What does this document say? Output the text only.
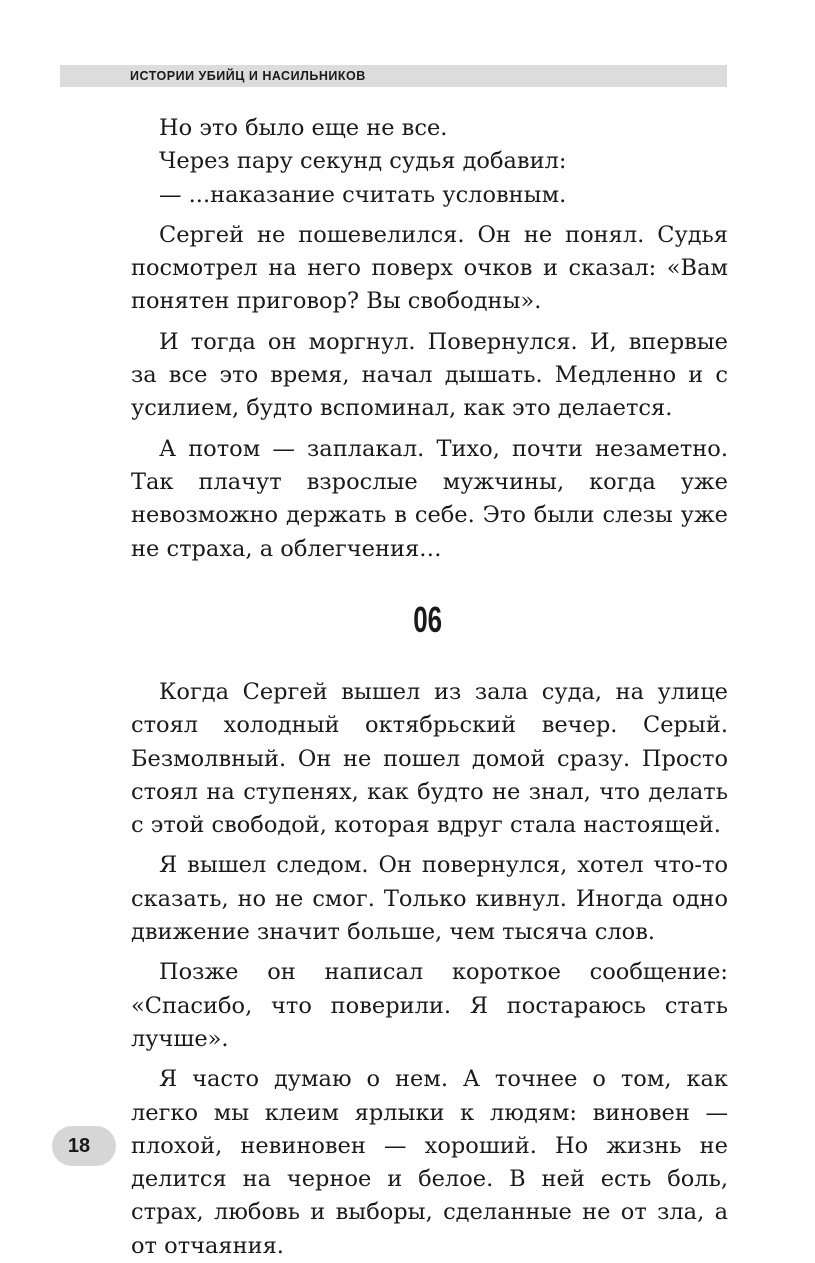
ИСТОРИИ УБИЙЦ И НАСИЛЬНИКОВ

Но это было еще не все.

Через пару секунд судья добавил:

— ...наказание считать условным.

Сергей не пошевелился. Он не понял. Судья посмотрел на него поверх очков и сказал: «Вам понятен приговор? Вы свободны».

И тогда он моргнул. Повернулся. И, впервые за все это время, начал дышать. Медленно и с усилием, будто вспоминал, как это делается.

А потом — заплакал. Тихо, почти незаметно. Так плачут взрослые мужчины, когда уже невозможно держать в себе. Это были слезы уже не страха, а облегчения…

06

Когда Сергей вышел из зала суда, на улице стоял холодный октябрьский вечер. Серый. Безмолвный. Он не пошел домой сразу. Просто стоял на ступенях, как будто не знал, что делать с этой свободой, которая вдруг стала настоящей.

Я вышел следом. Он повернулся, хотел что-то сказать, но не смог. Только кивнул. Иногда одно движение значит больше, чем тысяча слов.

Позже он написал короткое сообщение: «Спасибо, что поверили. Я постараюсь стать лучше».

Я часто думаю о нем. А точнее о том, как легко мы клеим ярлыки к людям: виновен — плохой, невиновен — хороший. Но жизнь не делится на черное и белое. В ней есть боль, страх, любовь и выборы, сделанные не от зла, а от отчаяния.

18
